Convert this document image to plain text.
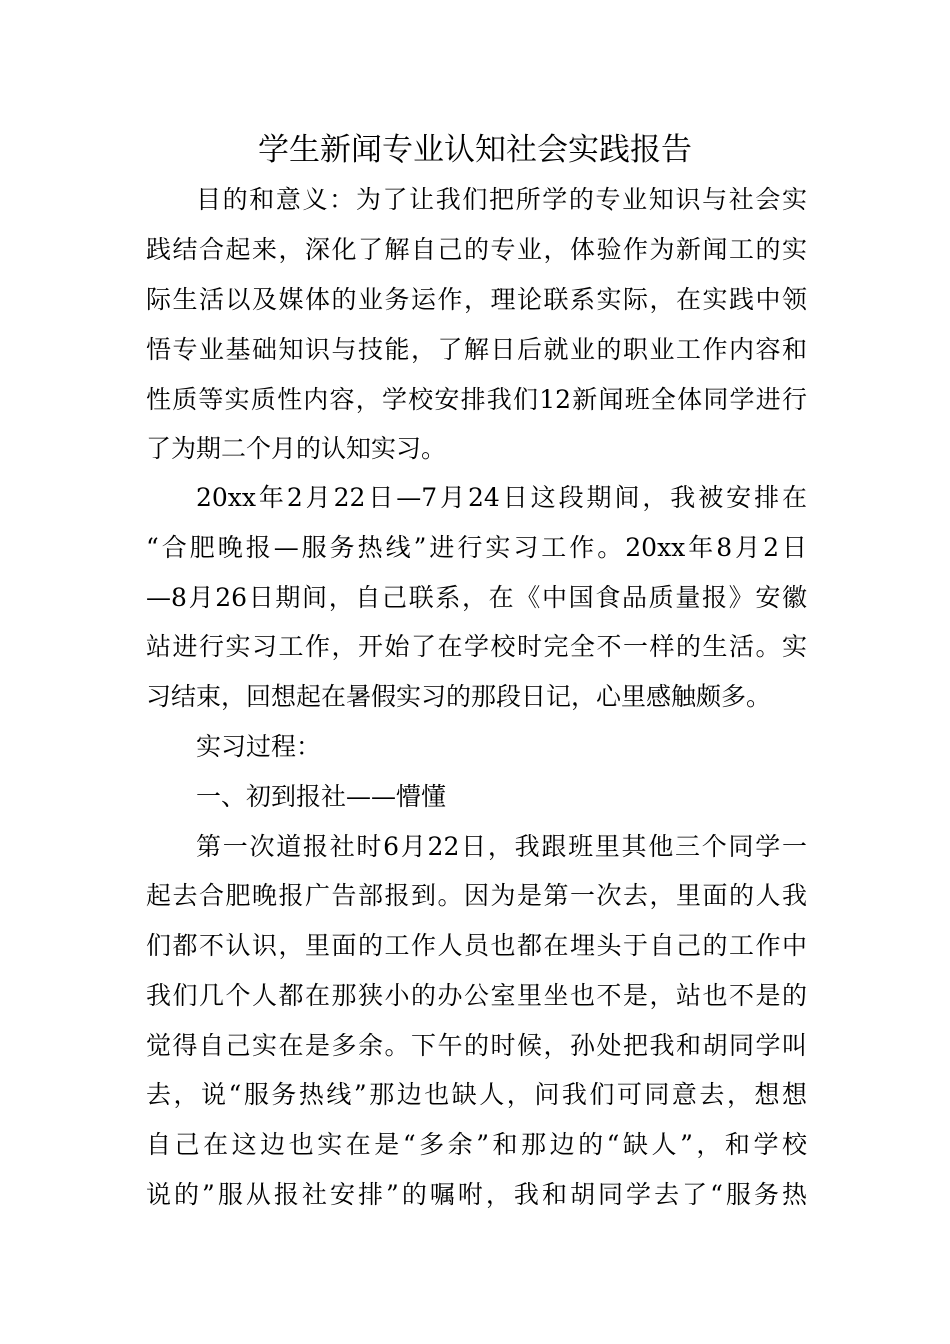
学生新闻专业认知社会实践报告

目的和意义：为了让我们把所学的专业知识与社会实

践结合起来，深化了解自己的专业，体验作为新闻工的实

际生活以及媒体的业务运作，理论联系实际，在实践中领

悟专业基础知识与技能，了解日后就业的职业工作内容和

性质等实质性内容，学校安排我们12新闻班全体同学进行

了为期二个月的认知实习。

20xx年2月22日—7月24日这段期间，我被安排在

“合肥晚报—服务热线”进行实习工作。20xx年8月2日

—8月26日期间，自己联系，在《中国食品质量报》安徽

站进行实习工作，开始了在学校时完全不一样的生活。实

习结束，回想起在暑假实习的那段日记，心里感触颇多。

实习过程：

一、初到报社——懵懂

第一次道报社时6月22日，我跟班里其他三个同学一

起去合肥晚报广告部报到。因为是第一次去，里面的人我

们都不认识，里面的工作人员也都在埋头于自己的工作中

我们几个人都在那狭小的办公室里坐也不是，站也不是的

觉得自己实在是多余。下午的时候，孙处把我和胡同学叫

去，说“服务热线”那边也缺人，问我们可同意去，想想

自己在这边也实在是“多余”和那边的“缺人”，和学校

说的”服从报社安排”的嘱咐，我和胡同学去了“服务热
